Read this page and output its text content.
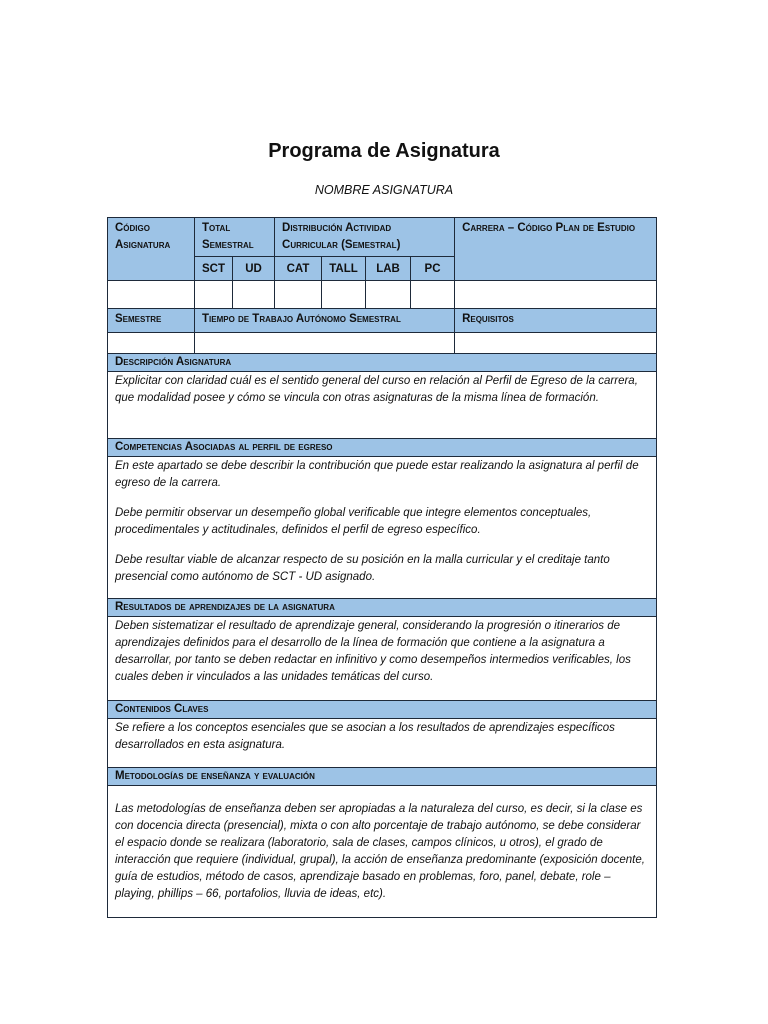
Programa de Asignatura
NOMBRE ASIGNATURA
Código Asignatura	Total Semestral		Distribución Actividad Curricular (Semestral)				Carrera – Código Plan de Estudio
	SCT	UD	CAT	TALL	LAB	PC	

Semestre	Tiempo de Trabajo Autónomo Semestral						Requisitos

Descripción Asignatura							

Explicitar con claridad cuál es el sentido general del curso en relación al Perfil de Egreso de la carrera, que modalidad posee y cómo se vincula con otras asignaturas de la misma línea de formación.							

Competencias Asociadas al perfil de egreso							

En este apartado se debe describir la contribución que puede estar realizando la asignatura al perfil de egreso de la carrera.

Debe permitir observar un desempeño global verificable que integre elementos conceptuales, procedimentales y actitudinales, definidos el perfil de egreso específico.

Debe resultar viable de alcanzar respecto de su posición en la malla curricular y el creditaje tanto presencial como autónomo de SCT - UD asignado.							

Resultados de aprendizajes de la asignatura							

Deben sistematizar el resultado de aprendizaje general, considerando la progresión o itinerarios de aprendizajes definidos para el desarrollo de la línea de formación que contiene a la asignatura a desarrollar, por tanto se deben redactar en infinitivo y como desempeños intermedios verificables, los cuales deben ir vinculados a las unidades temáticas del curso.							

Contenidos Claves							

Se refiere a los conceptos esenciales que se asocian a los resultados de aprendizajes específicos desarrollados en esta asignatura.							

Metodologías de enseñanza y evaluación							

Las metodologías de enseñanza deben ser apropiadas a la naturaleza del curso, es decir, si la clase es con docencia directa (presencial), mixta o con alto porcentaje de trabajo autónomo, se debe considerar el espacio donde se realizara (laboratorio, sala de clases, campos clínicos, u otros), el grado de interacción que requiere (individual, grupal), la acción de enseñanza predominante (exposición docente, guía de estudios, método de casos, aprendizaje basado en problemas, foro, panel, debate, role – playing, phillips – 66, portafolios, lluvia de ideas, etc).							
